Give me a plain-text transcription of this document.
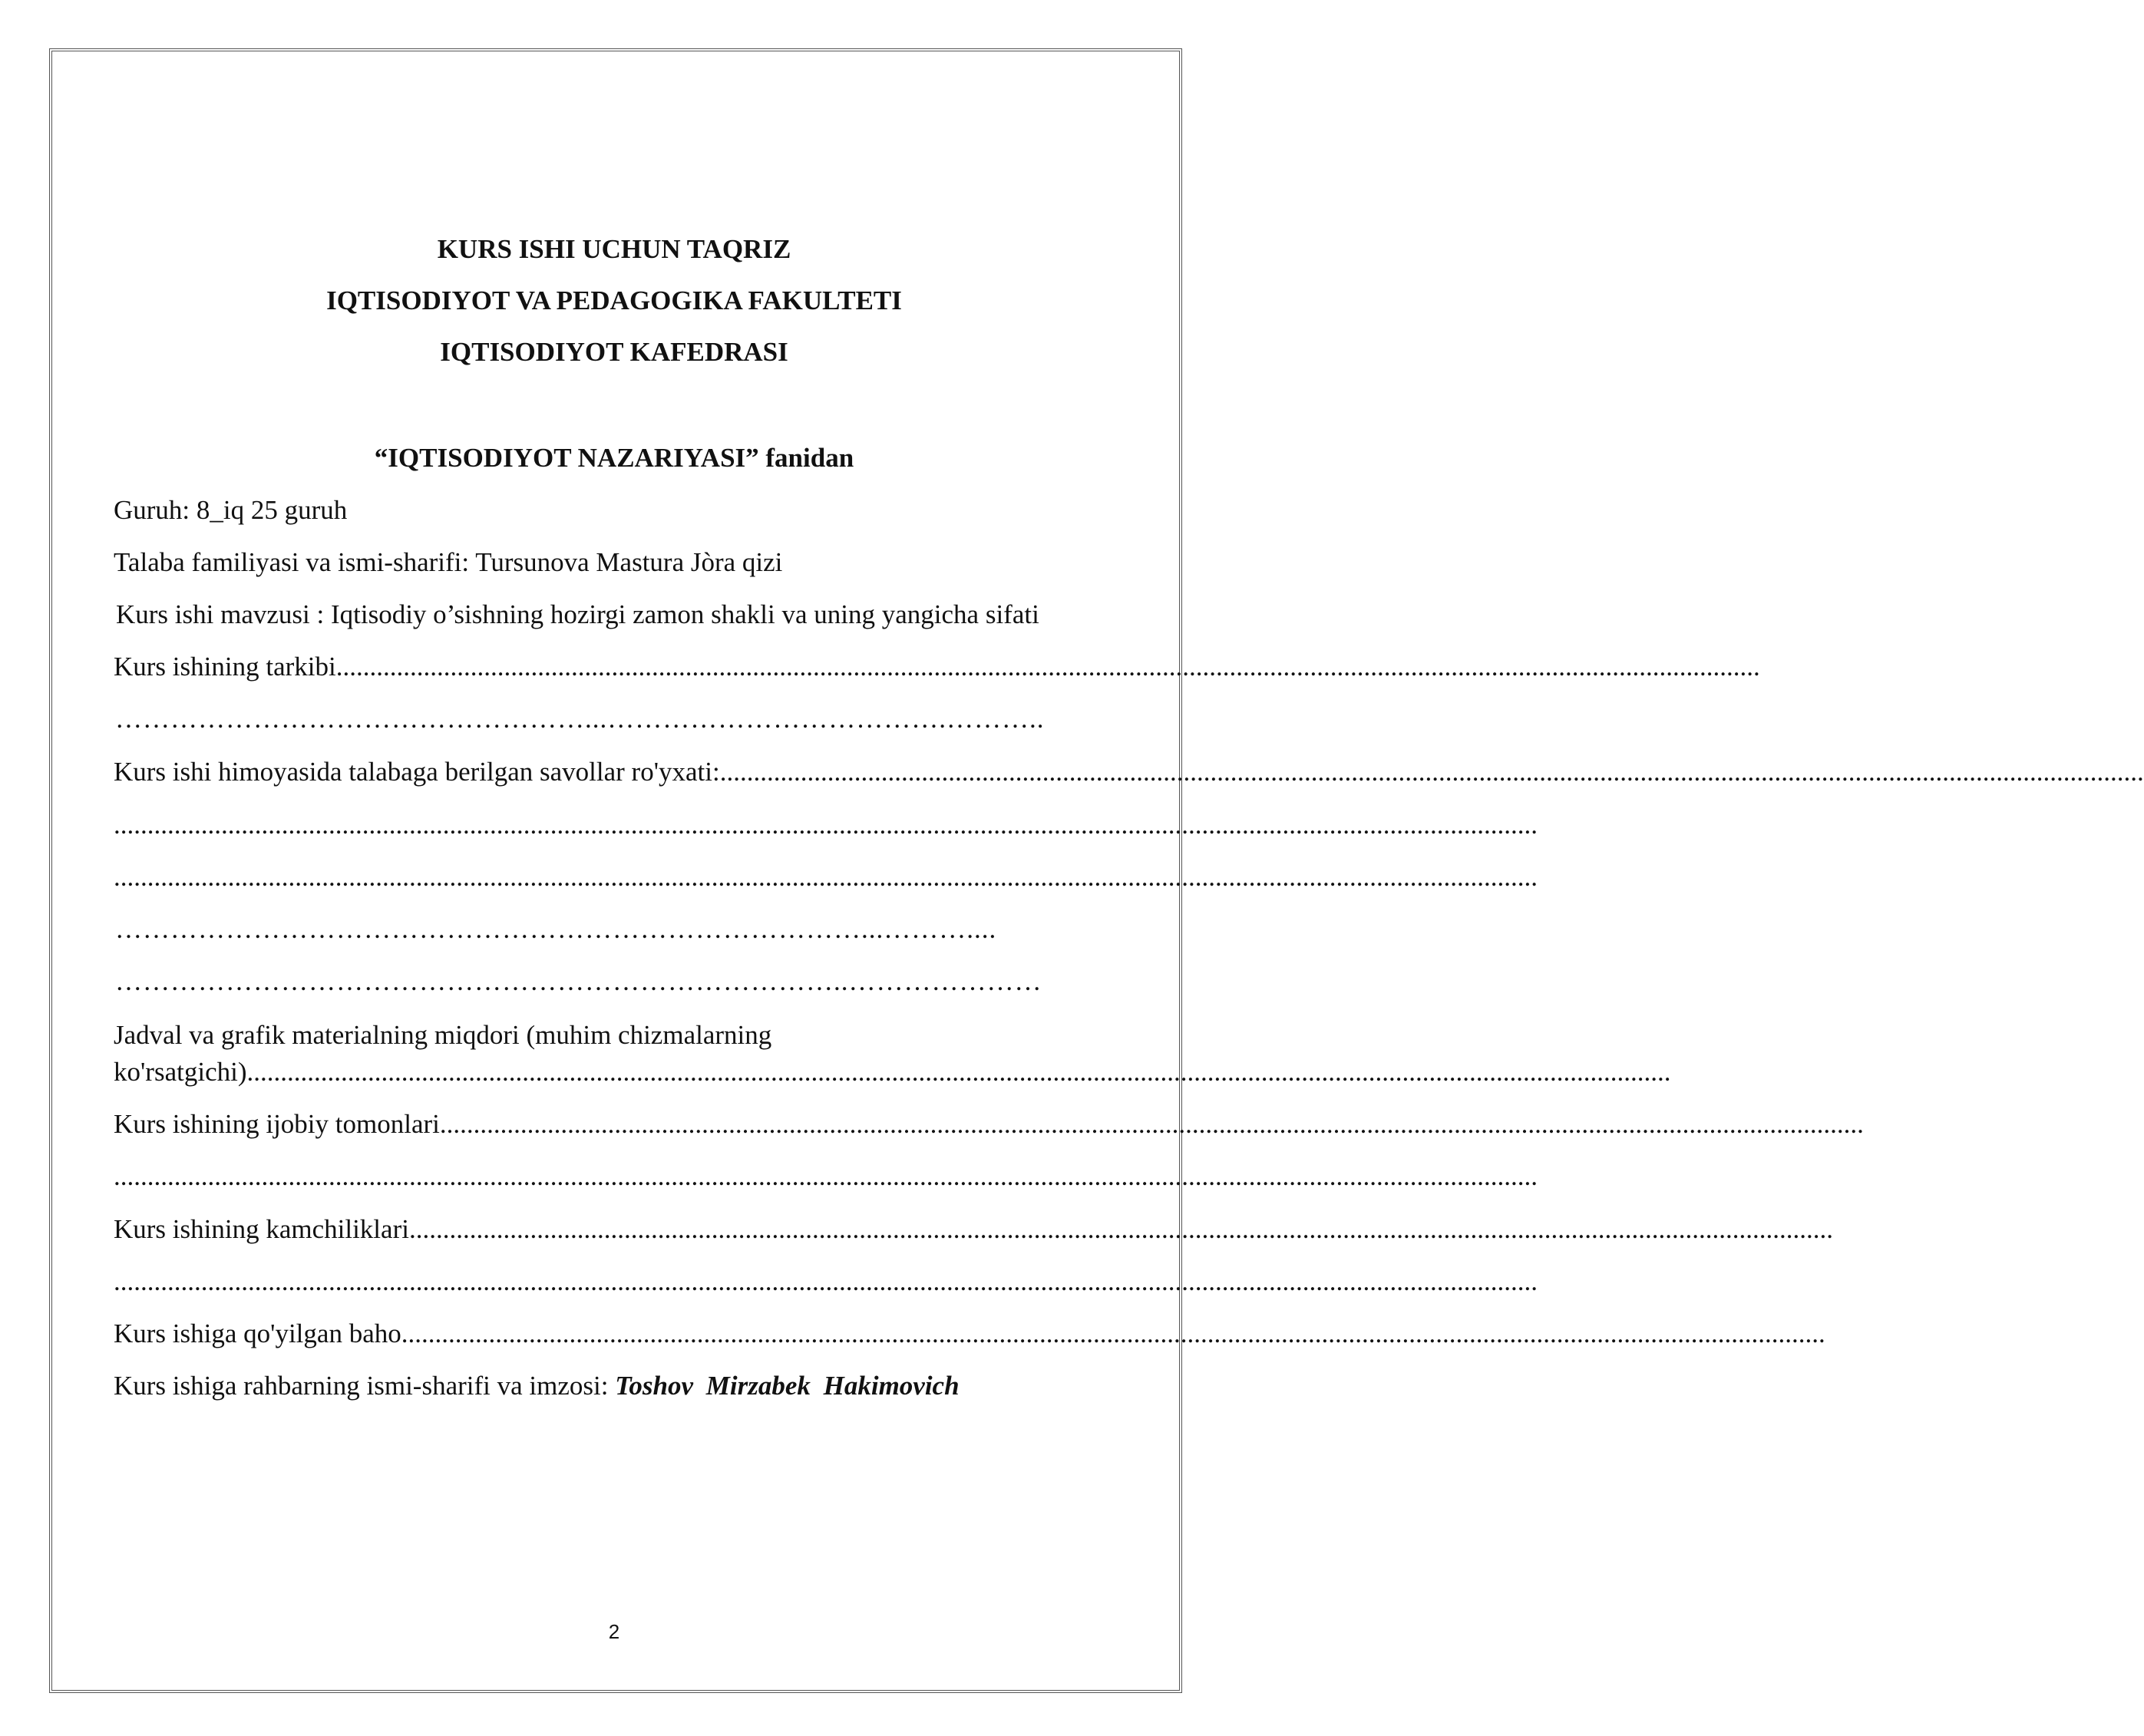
KURS ISHI UCHUN TAQRIZ
IQTISODIYOT VA PEDAGOGIKA FAKULTETI
IQTISODIYOT KAFEDRASI
“IQTISODIYOT NAZARIYASI” fanidan

Guruh: 8_iq 25 guruh

Talaba familiyasi va ismi-sharifi: Tursunova Mastura Jòra qizi

Kurs ishi mavzusi : Iqtisodiy o’sishning hozirgi zamon shakli va uning yangicha sifati

Kurs ishining tarkibi....................................................................................................................................................................................................................

……………………………………………...……………………………….………..

Kurs ishi himoyasida talabaga berilgan savollar ro'yxati:....................................................................................................................................................................................................................

....................................................................................................................................................................................................................

....................................................................................................................................................................................................................

………………………………………………………………………...………....

……………………………………………………………………..…………………

Jadval va grafik materialning miqdori (muhim chizmalarning

ko'rsatgichi)....................................................................................................................................................................................................................

Kurs ishining ijobiy tomonlari....................................................................................................................................................................................................................

....................................................................................................................................................................................................................

Kurs ishining kamchiliklari....................................................................................................................................................................................................................

....................................................................................................................................................................................................................

Kurs ishiga qo'yilgan baho....................................................................................................................................................................................................................

Kurs ishiga rahbarning ismi-sharifi va imzosi: Toshov Mirzabek Hakimovich

2
